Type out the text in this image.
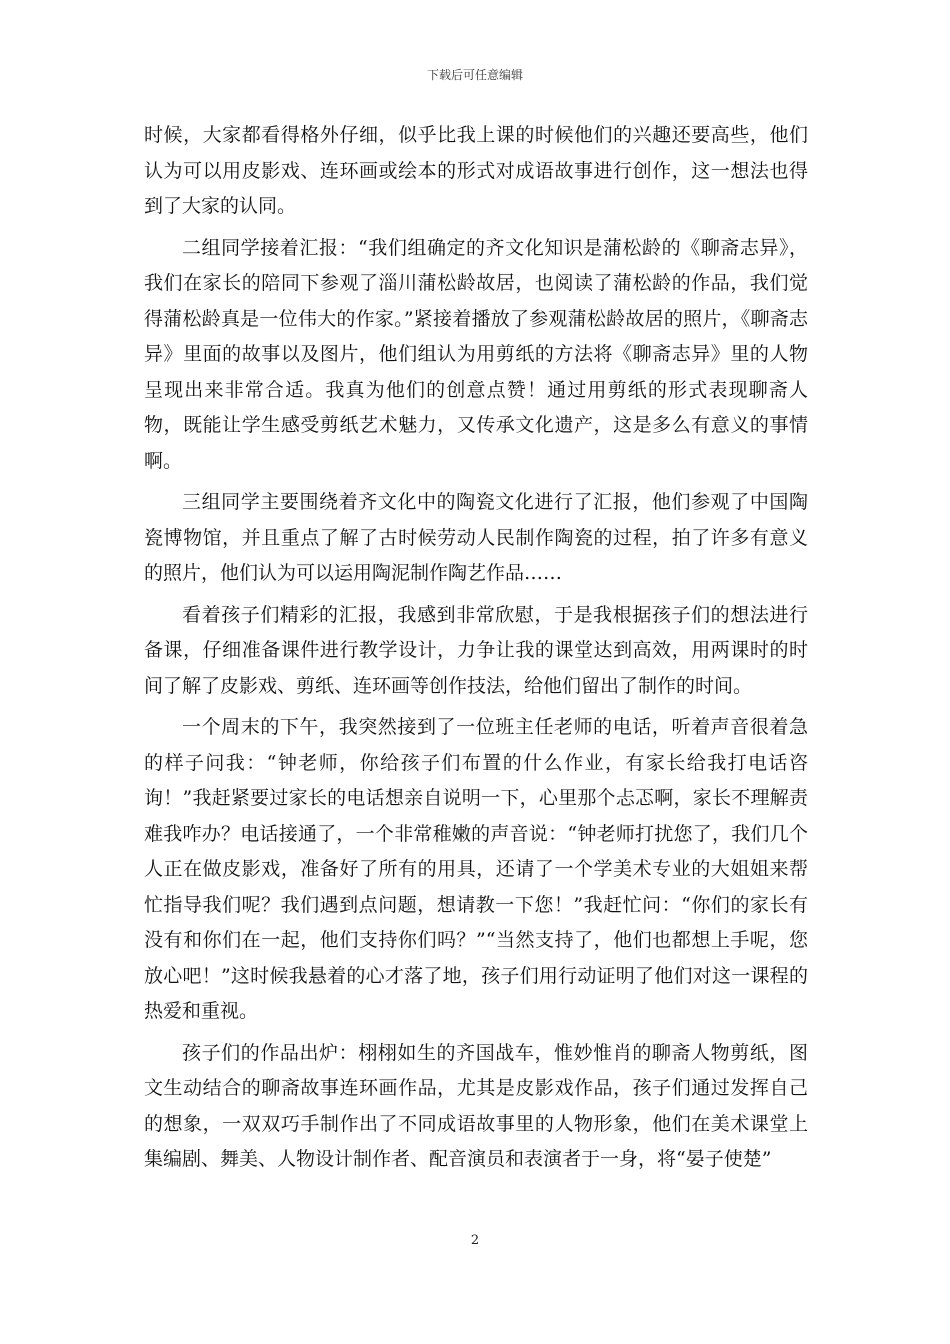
下载后可任意编辑

时候，大家都看得格外仔细，似乎比我上课的时候他们的兴趣还要高些，他们认为可以用皮影戏、连环画或绘本的形式对成语故事进行创作，这一想法也得到了大家的认同。

二组同学接着汇报：“我们组确定的齐文化知识是蒲松龄的《聊斋志异》，我们在家长的陪同下参观了淄川蒲松龄故居，也阅读了蒲松龄的作品，我们觉得蒲松龄真是一位伟大的作家。”紧接着播放了参观蒲松龄故居的照片，《聊斋志异》里面的故事以及图片，他们组认为用剪纸的方法将《聊斋志异》里的人物呈现出来非常合适。我真为他们的创意点赞！通过用剪纸的形式表现聊斋人物，既能让学生感受剪纸艺术魅力，又传承文化遗产，这是多么有意义的事情啊。

三组同学主要围绕着齐文化中的陶瓷文化进行了汇报，他们参观了中国陶瓷博物馆，并且重点了解了古时候劳动人民制作陶瓷的过程，拍了许多有意义的照片，他们认为可以运用陶泥制作陶艺作品……

看着孩子们精彩的汇报，我感到非常欣慰，于是我根据孩子们的想法进行备课，仔细准备课件进行教学设计，力争让我的课堂达到高效，用两课时的时间了解了皮影戏、剪纸、连环画等创作技法，给他们留出了制作的时间。

一个周末的下午，我突然接到了一位班主任老师的电话，听着声音很着急的样子问我：“钟老师，你给孩子们布置的什么作业，有家长给我打电话咨询！”我赶紧要过家长的电话想亲自说明一下，心里那个忐忑啊，家长不理解责难我咋办？电话接通了，一个非常稚嫩的声音说：“钟老师打扰您了，我们几个人正在做皮影戏，准备好了所有的用具，还请了一个学美术专业的大姐姐来帮忙指导我们呢？我们遇到点问题，想请教一下您！”我赶忙问：“你们的家长有没有和你们在一起，他们支持你们吗？”“当然支持了，他们也都想上手呢，您放心吧！”这时候我悬着的心才落了地，孩子们用行动证明了他们对这一课程的热爱和重视。

孩子们的作品出炉：栩栩如生的齐国战车，惟妙惟肖的聊斋人物剪纸，图文生动结合的聊斋故事连环画作品，尤其是皮影戏作品，孩子们通过发挥自己的想象，一双双巧手制作出了不同成语故事里的人物形象，他们在美术课堂上集编剧、舞美、人物设计制作者、配音演员和表演者于一身，将“晏子使楚”

2
